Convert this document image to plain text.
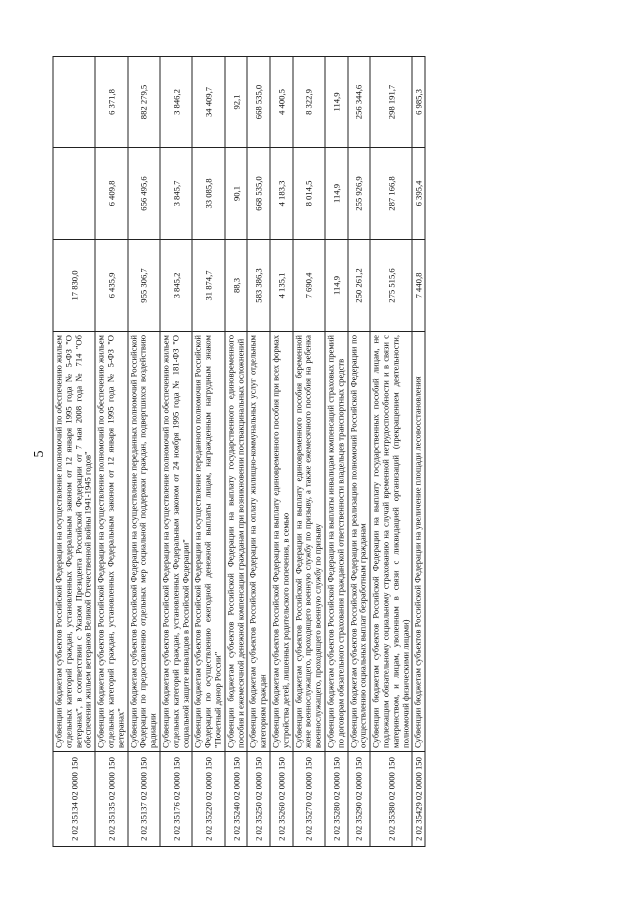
5
2 02 35134 02 0000 150	Субвенции бюджетам субъектов Российской Федерации на осуществление полномочий по обеспечению жильем отдельных категорий граждан, установленных Федеральным законом от 12 января 1995 года № 5-ФЗ "О ветеранах", в соответствии с Указом Президента Российской Федерации от 7 мая 2008 года № 714 "Об обеспечении жильем ветеранов Великой Отечественной войны 1941-1945 годов"	17 830,0		
2 02 35135 02 0000 150	Субвенции бюджетам субъектов Российской Федерации на осуществление полномочий по обеспечению жильем отдельных категорий граждан, установленных Федеральным законом от 12 января 1995 года № 5-ФЗ "О ветеранах"	6 435,9	6 409,8	6 371,8
2 02 35137 02 0000 150	Субвенции бюджетам субъектов Российской Федерации на осуществление переданных полномочий Российской Федерации по предоставлению отдельных мер социальной поддержки граждан, подвергшихся воздействию радиации	955 306,7	656 495,6	882 279,5
2 02 35176 02 0000 150	Субвенции бюджетам субъектов Российской Федерации на осуществление полномочий по обеспечению жильем отдельных категорий граждан, установленных Федеральным законом от 24 ноября 1995 года № 181-ФЗ "О социальной защите инвалидов в Российской Федерации"	3 845,2	3 845,7	3 846,2
2 02 35220 02 0000 150	Субвенции бюджетам субъектов Российской Федерации на осуществление переданного полномочия Российской Федерации по осуществлению ежегодной денежной выплаты лицам, награжденным нагрудным знаком "Почетный донор России"	31 874,7	33 085,8	34 409,7
2 02 35240 02 0000 150	Субвенции бюджетам субъектов Российской Федерации на выплату государственного единовременного пособия и ежемесячной денежной компенсации гражданам при возникновении поствакцинальных осложнений	88,3	90,1	92,1
2 02 35250 02 0000 150	Субвенции бюджетам субъектов Российской Федерации на оплату жилищно-коммунальных услуг отдельным категориям граждан	583 386,3	668 535,0	668 535,0
2 02 35260 02 0000 150	Субвенции бюджетам субъектов Российской Федерации на выплату единовременного пособия при всех формах устройства детей, лишенных родительского попечения, в семью	4 135,1	4 183,3	4 400,5
2 02 35270 02 0000 150	Субвенции бюджетам субъектов Российской Федерации на выплату единовременного пособия беременной жене военнослужащего, проходящего военную службу по призыву, а также ежемесячного пособия на ребенка военнослужащего, проходящего военную службу по призыву	7 690,4	8 014,5	8 322,9
2 02 35280 02 0000 150	Субвенции бюджетам субъектов Российской Федерации на выплаты инвалидам компенсаций страховых премий по договорам обязательного страхования гражданской ответственности владельцев транспортных средств	114,9	114,9	114,9
2 02 35290 02 0000 150	Субвенции бюджетам субъектов Российской Федерации на реализацию полномочий Российской Федерации по осуществлению социальных выплат безработным гражданам	250 261,2	255 926,9	256 344,6
2 02 35380 02 0000 150	Субвенции бюджетам субъектов Российской Федерации на выплату государственных пособий лицам, не подлежащим обязательному социальному страхованию на случай временной нетрудоспособности и в связи с материнством, и лицам, уволенным в связи с ликвидацией организаций (прекращением деятельности, полномочий физическими лицами)	275 515,6	287 166,8	298 191,7
2 02 35429 02 0000 150	Субвенции бюджетам субъектов Российской Федерации на увеличение площади лесовосстановления	7 440,8	6 395,4	6 985,3
